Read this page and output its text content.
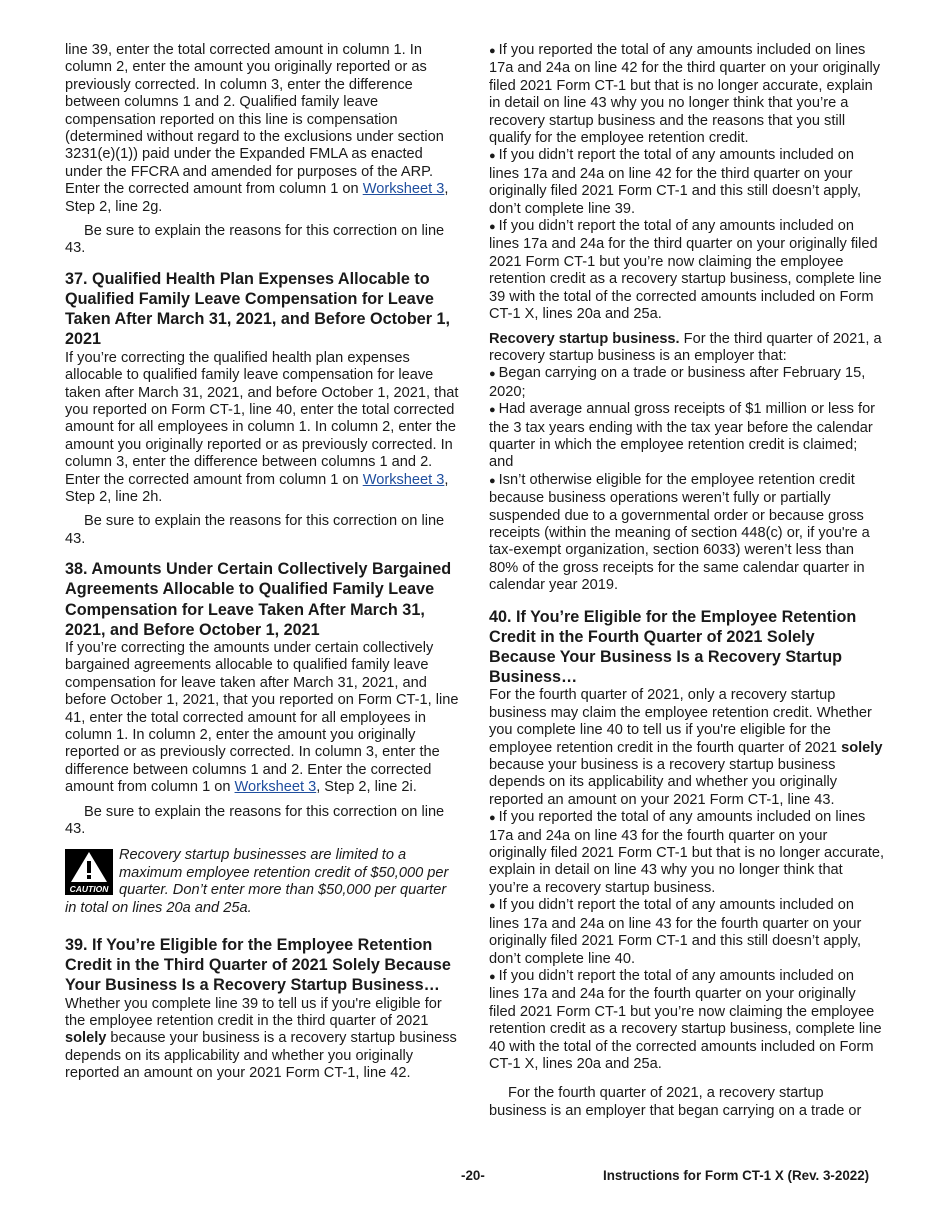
line 39, enter the total corrected amount in column 1. In column 2, enter the amount you originally reported or as previously corrected. In column 3, enter the difference between columns 1 and 2. Qualified family leave compensation reported on this line is compensation (determined without regard to the exclusions under section 3231(e)(1)) paid under the Expanded FMLA as enacted under the FFCRA and amended for purposes of the ARP. Enter the corrected amount from column 1 on Worksheet 3, Step 2, line 2g.

Be sure to explain the reasons for this correction on line 43.

37. Qualified Health Plan Expenses Allocable to Qualified Family Leave Compensation for Leave Taken After March 31, 2021, and Before October 1, 2021

If you’re correcting the qualified health plan expenses allocable to qualified family leave compensation for leave taken after March 31, 2021, and before October 1, 2021, that you reported on Form CT-1, line 40, enter the total corrected amount for all employees in column 1. In column 2, enter the amount you originally reported or as previously corrected. In column 3, enter the difference between columns 1 and 2. Enter the corrected amount from column 1 on Worksheet 3, Step 2, line 2h.

Be sure to explain the reasons for this correction on line 43.

38. Amounts Under Certain Collectively Bargained Agreements Allocable to Qualified Family Leave Compensation for Leave Taken After March 31, 2021, and Before October 1, 2021

If you’re correcting the amounts under certain collectively bargained agreements allocable to qualified family leave compensation for leave taken after March 31, 2021, and before October 1, 2021, that you reported on Form CT-1, line 41, enter the total corrected amount for all employees in column 1. In column 2, enter the amount you originally reported or as previously corrected. In column 3, enter the difference between columns 1 and 2. Enter the corrected amount from column 1 on Worksheet 3, Step 2, line 2i.

Be sure to explain the reasons for this correction on line 43.

CAUTION
Recovery startup businesses are limited to a maximum employee retention credit of $50,000 per quarter. Don’t enter more than $50,000 per quarter in total on lines 20a and 25a.
39. If You’re Eligible for the Employee Retention Credit in the Third Quarter of 2021 Solely Because Your Business Is a Recovery Startup Business…

Whether you complete line 39 to tell us if you're eligible for the employee retention credit in the third quarter of 2021 solely because your business is a recovery startup business depends on its applicability and whether you originally reported an amount on your 2021 Form CT-1, line 42.

● If you reported the total of any amounts included on lines 17a and 24a on line 42 for the third quarter on your originally filed 2021 Form CT-1 but that is no longer accurate, explain in detail on line 43 why you no longer think that you’re a recovery startup business and the reasons that you still qualify for the employee retention credit.

● If you didn’t report the total of any amounts included on lines 17a and 24a on line 42 for the third quarter on your originally filed 2021 Form CT-1 and this still doesn’t apply, don’t complete line 39.

● If you didn’t report the total of any amounts included on lines 17a and 24a for the third quarter on your originally filed 2021 Form CT-1 but you’re now claiming the employee retention credit as a recovery startup business, complete line 39 with the total of the corrected amounts included on Form CT-1 X, lines 20a and 25a.

Recovery startup business. For the third quarter of 2021, a recovery startup business is an employer that:

● Began carrying on a trade or business after February 15, 2020;

● Had average annual gross receipts of $1 million or less for the 3 tax years ending with the tax year before the calendar quarter in which the employee retention credit is claimed; and

● Isn’t otherwise eligible for the employee retention credit because business operations weren’t fully or partially suspended due to a governmental order or because gross receipts (within the meaning of section 448(c) or, if you're a tax-exempt organization, section 6033) weren’t less than 80% of the gross receipts for the same calendar quarter in calendar year 2019.

40. If You’re Eligible for the Employee Retention Credit in the Fourth Quarter of 2021 Solely Because Your Business Is a Recovery Startup Business…

For the fourth quarter of 2021, only a recovery startup business may claim the employee retention credit. Whether you complete line 40 to tell us if you're eligible for the employee retention credit in the fourth quarter of 2021 solely because your business is a recovery startup business depends on its applicability and whether you originally reported an amount on your 2021 Form CT-1, line 43.

● If you reported the total of any amounts included on lines 17a and 24a on line 43 for the fourth quarter on your originally filed 2021 Form CT-1 but that is no longer accurate, explain in detail on line 43 why you no longer think that you’re a recovery startup business.

● If you didn’t report the total of any amounts included on lines 17a and 24a on line 43 for the fourth quarter on your originally filed 2021 Form CT-1 and this still doesn’t apply, don’t complete line 40.

● If you didn’t report the total of any amounts included on lines 17a and 24a for the fourth quarter on your originally filed 2021 Form CT-1 but you’re now claiming the employee retention credit as a recovery startup business, complete line 40 with the total of the corrected amounts included on Form CT-1 X, lines 20a and 25a.

For the fourth quarter of 2021, a recovery startup business is an employer that began carrying on a trade or

-20-	Instructions for Form CT-1 X (Rev. 3-2022)
